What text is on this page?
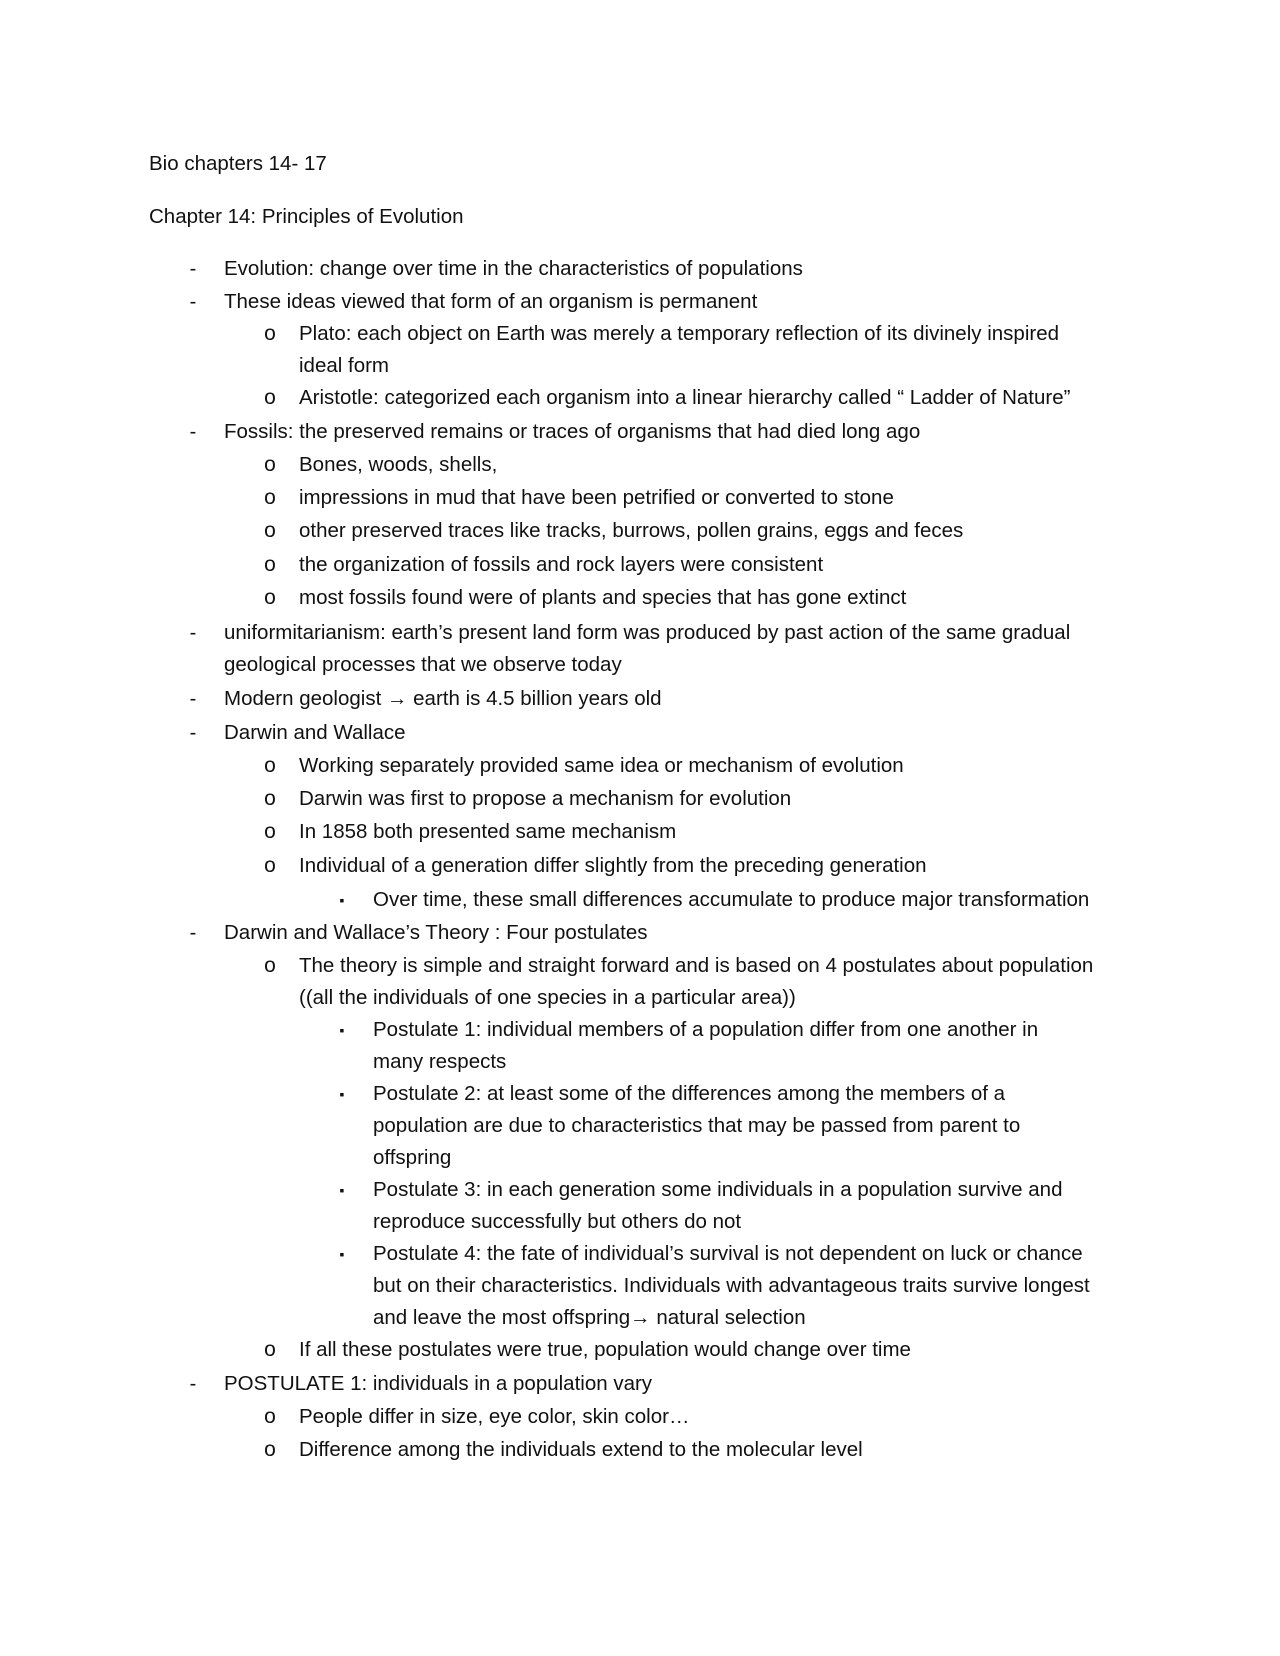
Bio chapters 14- 17
Chapter 14: Principles of Evolution
- Evolution: change over time in the characteristics of populations
- These ideas viewed that form of an organism is permanent
o Plato: each object on Earth was merely a temporary reflection of its divinely inspired
ideal form
o Aristotle: categorized each organism into a linear hierarchy called “ Ladder of Nature”
- Fossils: the preserved remains or traces of organisms that had died long ago
o Bones, woods, shells,
o impressions in mud that have been petrified or converted to stone
o other preserved traces like tracks, burrows, pollen grains, eggs and feces
o the organization of fossils and rock layers were consistent
o most fossils found were of plants and species that has gone extinct
- uniformitarianism: earth’s present land form was produced by past action of the same gradual
geological processes that we observe today
- Modern geologist → earth is 4.5 billion years old
- Darwin and Wallace
o Working separately provided same idea or mechanism of evolution
o Darwin was first to propose a mechanism for evolution
o In 1858 both presented same mechanism
o Individual of a generation differ slightly from the preceding generation
▪ Over time, these small differences accumulate to produce major transformation
- Darwin and Wallace’s Theory : Four postulates
o The theory is simple and straight forward and is based on 4 postulates about population
((all the individuals of one species in a particular area))
▪ Postulate 1: individual members of a population differ from one another in
many respects
▪ Postulate 2: at least some of the differences among the members of a
population are due to characteristics that may be passed from parent to
offspring
▪ Postulate 3: in each generation some individuals in a population survive and
reproduce successfully but others do not
▪ Postulate 4: the fate of individual’s survival is not dependent on luck or chance
but on their characteristics. Individuals with advantageous traits survive longest
and leave the most offspring→ natural selection
o If all these postulates were true, population would change over time
- POSTULATE 1: individuals in a population vary
o People differ in size, eye color, skin color…
o Difference among the individuals extend to the molecular level
